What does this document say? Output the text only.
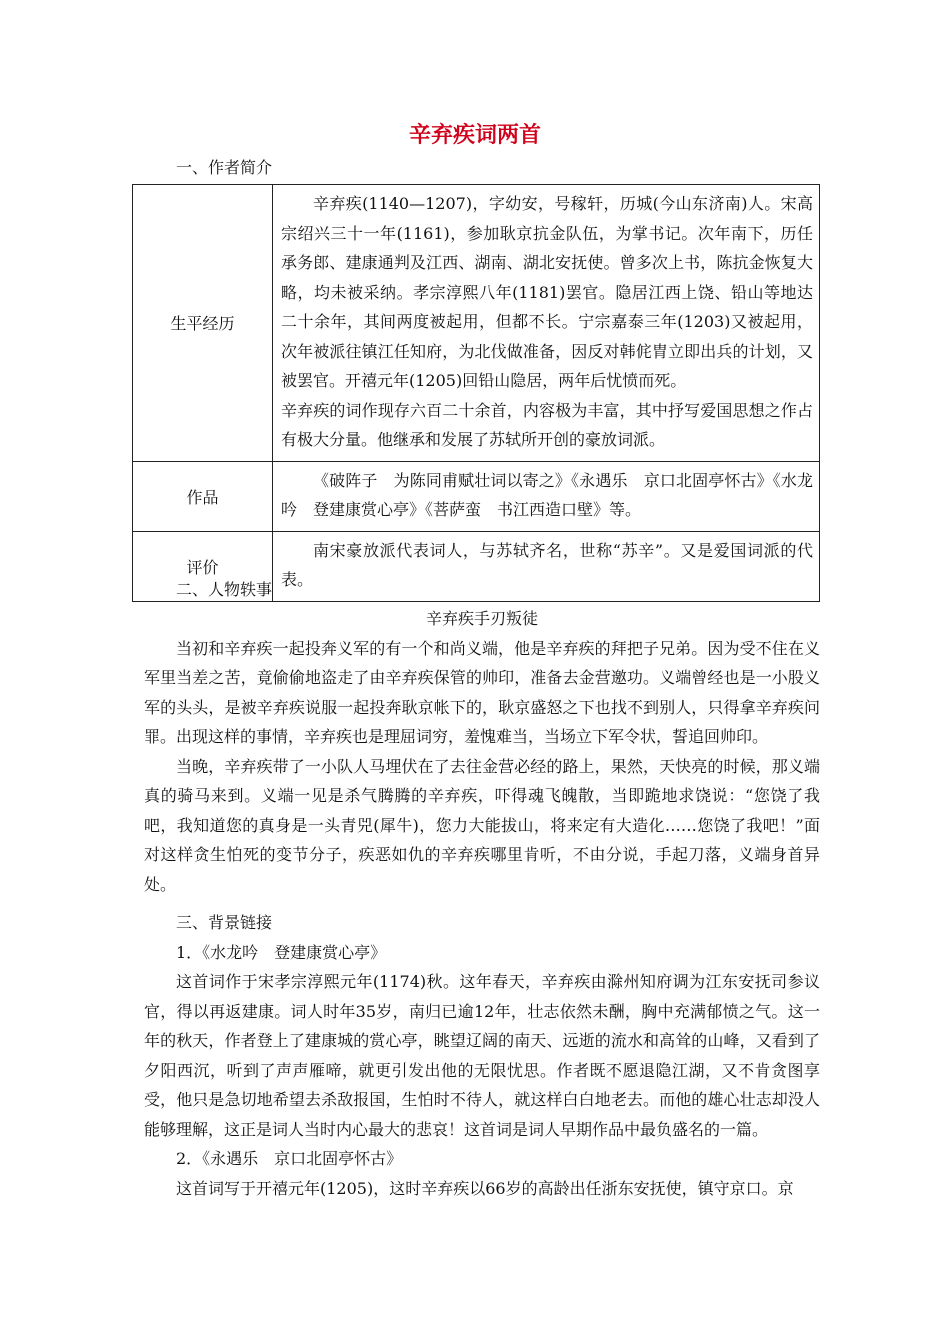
辛弃疾词两首
一、作者简介
生平经历	辛弃疾(1140—1207)，字幼安，号稼轩，历城(今山东济南)人。宋高宗绍兴三十一年(1161)，参加耿京抗金队伍，为掌书记。次年南下，历任承务郎、建康通判及江西、湖南、湖北安抚使。曾多次上书，陈抗金恢复大略，均未被采纳。孝宗淳熙八年(1181)罢官。隐居江西上饶、铅山等地达二十余年，其间两度被起用，但都不长。宁宗嘉泰三年(1203)又被起用，次年被派往镇江任知府，为北伐做准备，因反对韩侂胄立即出兵的计划，又被罢官。开禧元年(1205)回铅山隐居，两年后忧愤而死。
辛弃疾的词作现存六百二十余首，内容极为丰富，其中抒写爱国思想之作占有极大分量。他继承和发展了苏轼所开创的豪放词派。

作品	《破阵子　为陈同甫赋壮词以寄之》《永遇乐　京口北固亭怀古》《水龙吟　登建康赏心亭》《菩萨蛮　书江西造口壁》等。

评价	南宋豪放派代表词人，与苏轼齐名，世称“苏辛”。又是爱国词派的代表。
二、人物轶事

辛弃疾手刃叛徒

当初和辛弃疾一起投奔义军的有一个和尚义端，他是辛弃疾的拜把子兄弟。因为受不住在义军里当差之苦，竟偷偷地盗走了由辛弃疾保管的帅印，准备去金营邀功。义端曾经也是一小股义军的头头，是被辛弃疾说服一起投奔耿京帐下的，耿京盛怒之下也找不到别人，只得拿辛弃疾问罪。出现这样的事情，辛弃疾也是理屈词穷，羞愧难当，当场立下军令状，誓追回帅印。

当晚，辛弃疾带了一小队人马埋伏在了去往金营必经的路上，果然，天快亮的时候，那义端真的骑马来到。义端一见是杀气腾腾的辛弃疾，吓得魂飞魄散，当即跪地求饶说：“您饶了我吧，我知道您的真身是一头青兕(犀牛)，您力大能拔山，将来定有大造化……您饶了我吧！”面对这样贪生怕死的变节分子，疾恶如仇的辛弃疾哪里肯听，不由分说，手起刀落，义端身首异处。

三、背景链接

1．《水龙吟　登建康赏心亭》

这首词作于宋孝宗淳熙元年(1174)秋。这年春天，辛弃疾由滁州知府调为江东安抚司参议官，得以再返建康。词人时年35岁，南归已逾12年，壮志依然未酬，胸中充满郁愤之气。这一年的秋天，作者登上了建康城的赏心亭，眺望辽阔的南天、远逝的流水和高耸的山峰，又看到了夕阳西沉，听到了声声雁啼，就更引发出他的无限忧思。作者既不愿退隐江湖，又不肯贪图享受，他只是急切地希望去杀敌报国，生怕时不待人，就这样白白地老去。而他的雄心壮志却没人能够理解，这正是词人当时内心最大的悲哀！这首词是词人早期作品中最负盛名的一篇。

2．《永遇乐　京口北固亭怀古》

这首词写于开禧元年(1205)，这时辛弃疾以66岁的高龄出任浙东安抚使，镇守京口。京
